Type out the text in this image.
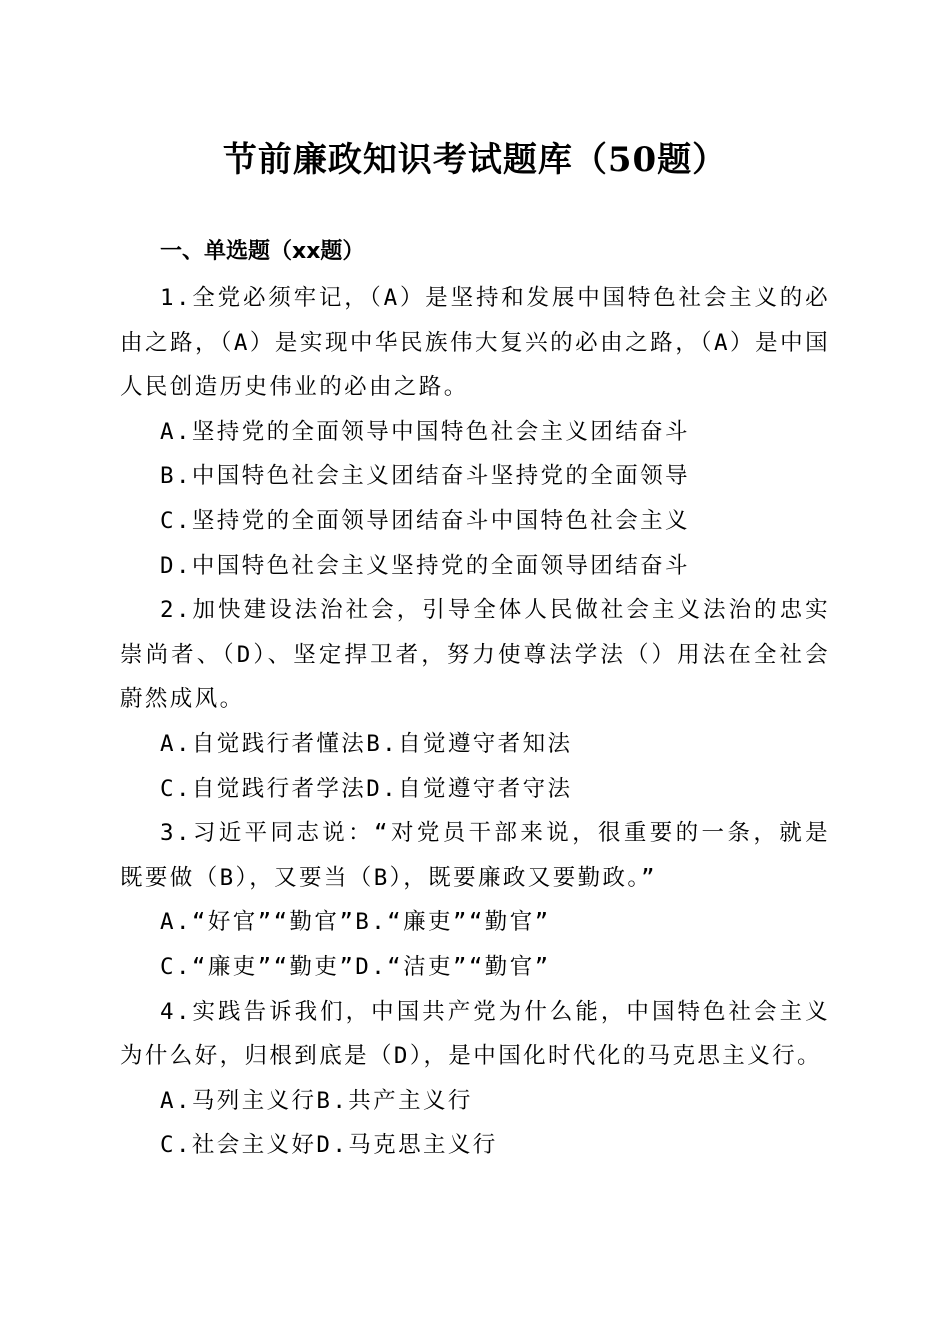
节前廉政知识考试题库（50题）
一、单选题（xx题）

1.全党必须牢记，（A）是坚持和发展中国特色社会主义的必由之路，（A）是实现中华民族伟大复兴的必由之路，（A）是中国人民创造历史伟业的必由之路。

A.坚持党的全面领导中国特色社会主义团结奋斗

B.中国特色社会主义团结奋斗坚持党的全面领导

C.坚持党的全面领导团结奋斗中国特色社会主义

D.中国特色社会主义坚持党的全面领导团结奋斗

2.加快建设法治社会，引导全体人民做社会主义法治的忠实崇尚者、（D）、坚定捍卫者，努力使尊法学法（）用法在全社会蔚然成风。

A.自觉践行者懂法B.自觉遵守者知法

C.自觉践行者学法D.自觉遵守者守法

3.习近平同志说：“对党员干部来说，很重要的一条，就是既要做（B），又要当（B），既要廉政又要勤政。”

A.“好官”“勤官”B.“廉吏”“勤官”

C.“廉吏”“勤吏”D.“洁吏”“勤官”

4.实践告诉我们，中国共产党为什么能，中国特色社会主义为什么好，归根到底是（D），是中国化时代化的马克思主义行。

A.马列主义行B.共产主义行

C.社会主义好D.马克思主义行
